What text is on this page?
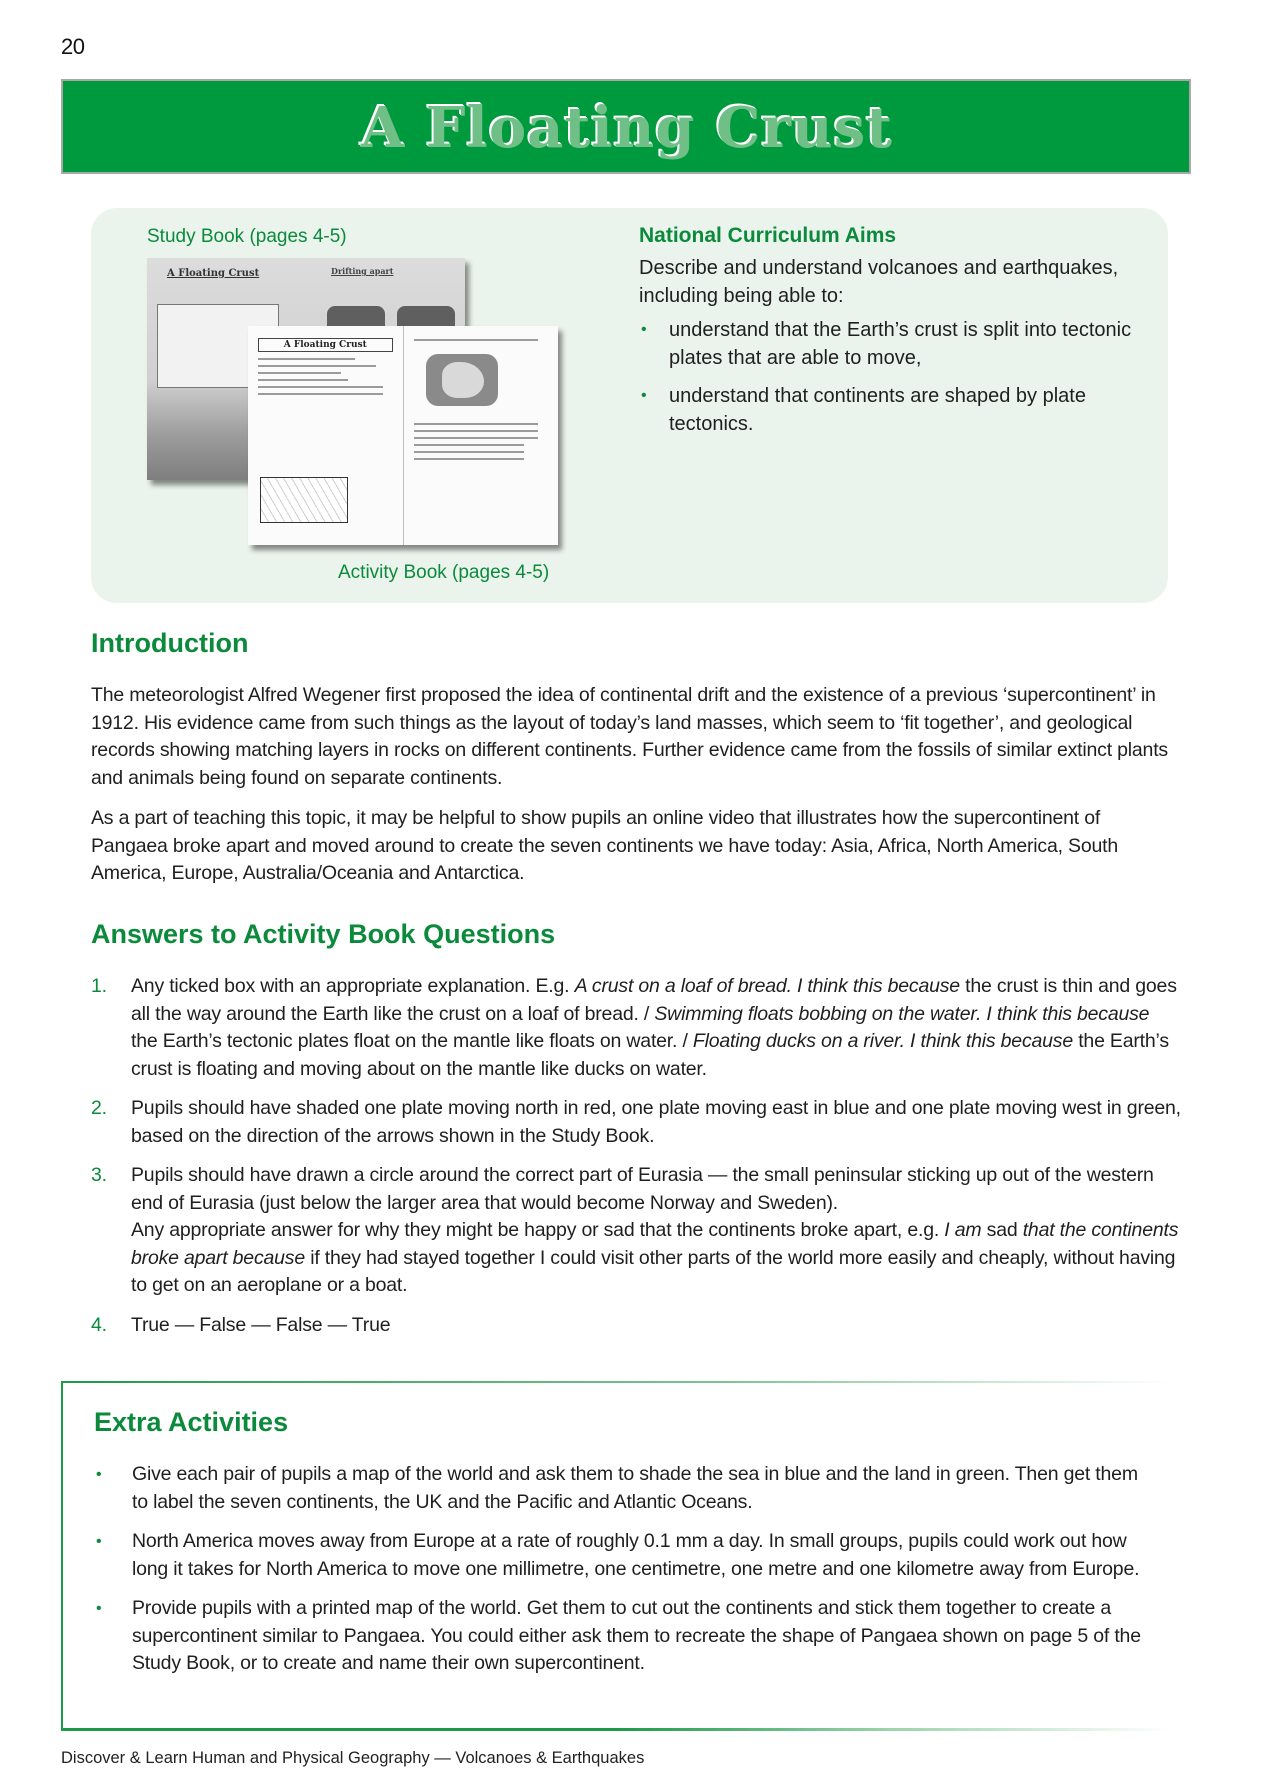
20
A Floating Crust
Study Book (pages 4-5)
A Floating Crust	Drifting apart
A Floating Crust
Activity Book (pages 4-5)
National Curriculum Aims

Describe and understand volcanoes and earthquakes, including being able to:

• understand that the Earth’s crust is split into tectonic plates that are able to move,
• understand that continents are shaped by plate tectonics.
Introduction

The meteorologist Alfred Wegener first proposed the idea of continental drift and the existence of a previous ‘supercontinent’ in 1912. His evidence came from such things as the layout of today’s land masses, which seem to ‘fit together’, and geological records showing matching layers in rocks on different continents. Further evidence came from the fossils of similar extinct plants and animals being found on separate continents.

As a part of teaching this topic, it may be helpful to show pupils an online video that illustrates how the supercontinent of Pangaea broke apart and moved around to create the seven continents we have today: Asia, Africa, North America, South America, Europe, Australia/Oceania and Antarctica.

Answers to Activity Book Questions
1. Any ticked box with an appropriate explanation. E.g. A crust on a loaf of bread. I think this because the crust is thin and goes all the way around the Earth like the crust on a loaf of bread. / Swimming floats bobbing on the water. I think this because the Earth’s tectonic plates float on the mantle like floats on water. / Floating ducks on a river. I think this because the Earth’s crust is floating and moving about on the mantle like ducks on water.
2. Pupils should have shaded one plate moving north in red, one plate moving east in blue and one plate moving west in green, based on the direction of the arrows shown in the Study Book.
3. Pupils should have drawn a circle around the correct part of Eurasia — the small peninsular sticking up out of the western end of Eurasia (just below the larger area that would become Norway and Sweden).
Any appropriate answer for why they might be happy or sad that the continents broke apart, e.g. I am sad that the continents broke apart because if they had stayed together I could visit other parts of the world more easily and cheaply, without having to get on an aeroplane or a boat.
4. True — False — False — True
Extra Activities
• Give each pair of pupils a map of the world and ask them to shade the sea in blue and the land in green. Then get them to label the seven continents, the UK and the Pacific and Atlantic Oceans.
• North America moves away from Europe at a rate of roughly 0.1 mm a day. In small groups, pupils could work out how long it takes for North America to move one millimetre, one centimetre, one metre and one kilometre away from Europe.
• Provide pupils with a printed map of the world. Get them to cut out the continents and stick them together to create a supercontinent similar to Pangaea. You could either ask them to recreate the shape of Pangaea shown on page 5 of the Study Book, or to create and name their own supercontinent.
Discover & Learn Human and Physical Geography — Volcanoes & Earthquakes
